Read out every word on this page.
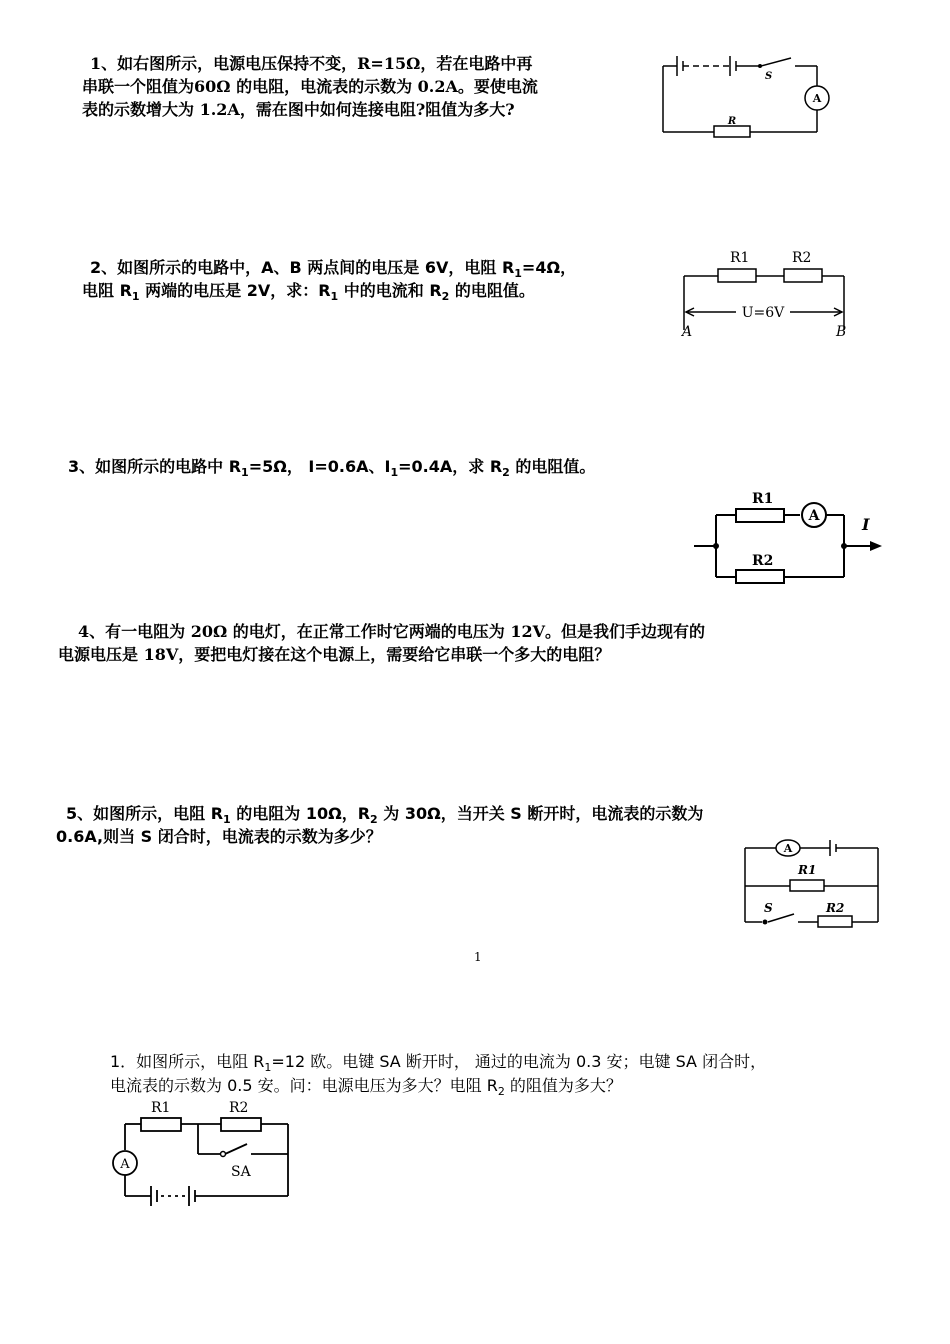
1、如右图所示，电源电压保持不变，R=15Ω，若在电路中再

串联一个阻值为60Ω 的电阻，电流表的示数为 0.2A。要使电流

表的示数增大为 1.2A，需在图中如何连接电阻?阻值为多大?

S
A
R

2、如图所示的电路中，A、B 两点间的电压是 6V，电阻 $R_1=4\Omega$，

电阻 $R_1$ 两端的电压是 2V，求：$R_1$ 中的电流和 $R_2$ 的电阻值。

R1	R2
U=6V
A	B

3、如图所示的电路中 $R_1=5\Omega$， I=0.6A、$I_1=0.4A$，求 $R_2$ 的电阻值。

R1
A
R2
I

4、有一电阻为 20Ω 的电灯，在正常工作时它两端的电压为 12V。但是我们手边现有的

电源电压是 18V，要把电灯接在这个电源上，需要给它串联一个多大的电阻？

5、如图所示，电阻 $R_1$ 的电阻为 10Ω，$R_2$ 为 30Ω，当开关 S 断开时，电流表的示数为

0.6A,则当 S 闭合时，电流表的示数为多少？

A
R1
S	R2
1

1．如图所示，电阻 $R_1=12$ 欧。电键 SA 断开时， 通过的电流为 0.3 安；电键 SA 闭合时，

电流表的示数为 0.5 安。问：电源电压为多大？电阻 $R_2$ 的阻值为多大？

R1	R2
A	SA
